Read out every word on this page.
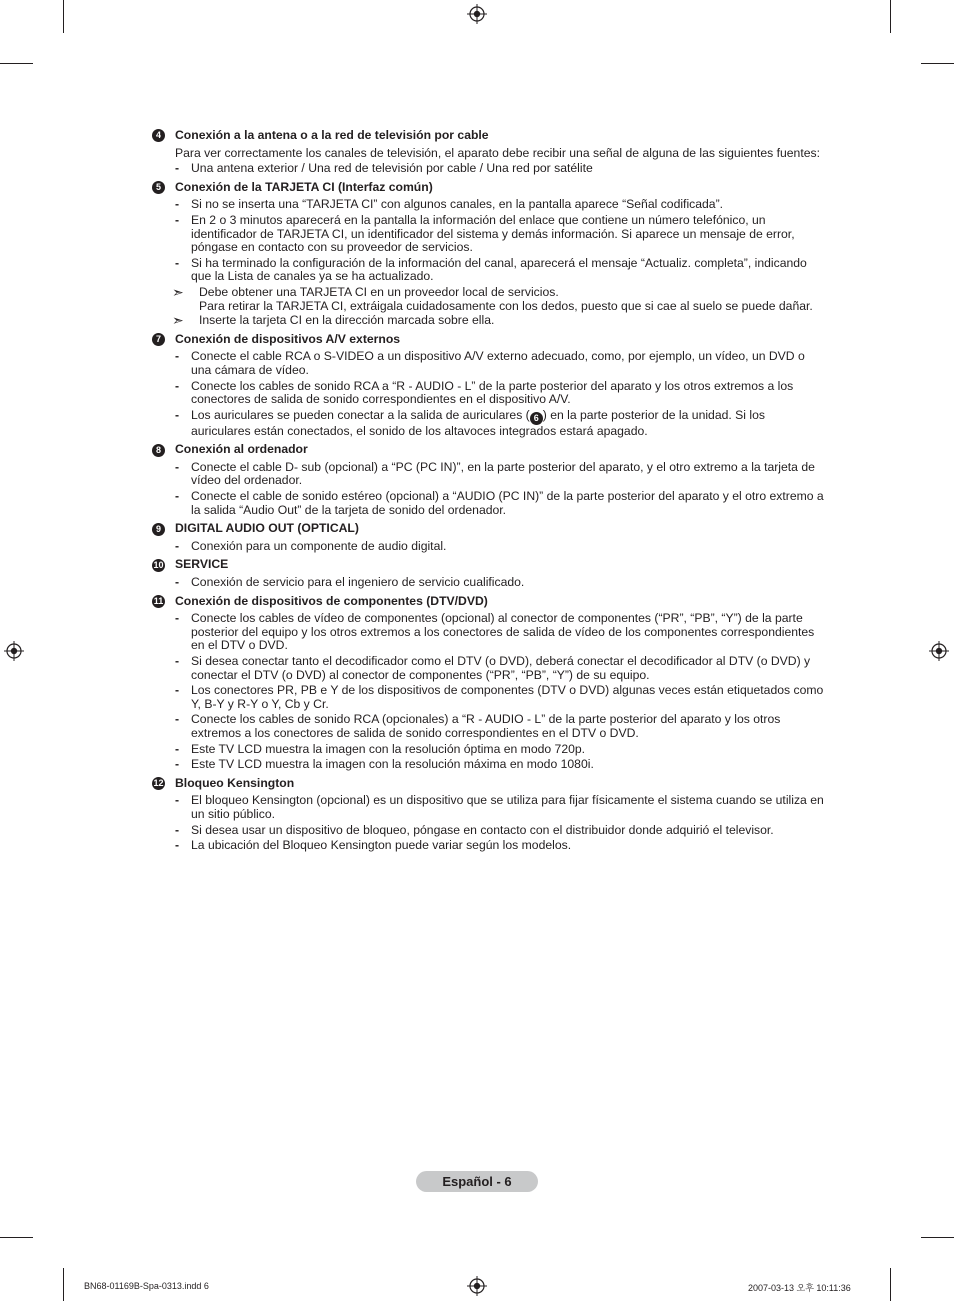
4	Conexión a la antena o a la red de televisión por cable
Para ver correctamente los canales de televisión, el aparato debe recibir una señal de alguna de las siguientes fuentes:
- Una antena exterior / Una red de televisión por cable / Una red por satélite
5	Conexión de la TARJETA CI (Interfaz común)
- Si no se inserta una “TARJETA CI” con algunos canales, en la pantalla aparece “Señal codificada”.
- En 2 o 3 minutos aparecerá en la pantalla la información del enlace que contiene un número telefónico, un identificador de TARJETA CI, un identificador del sistema y demás información. Si aparece un mensaje de error, póngase en contacto con su proveedor de servicios.
- Si ha terminado la configuración de la información del canal, aparecerá el mensaje “Actualiz. completa”, indicando que la Lista de canales ya se ha actualizado.
➣	Debe obtener una TARJETA CI en un proveedor local de servicios.
Para retirar la TARJETA CI, extráigala cuidadosamente con los dedos, puesto que si cae al suelo se puede dañar.
➣	Inserte la tarjeta CI en la dirección marcada sobre ella.
7	Conexión de dispositivos A/V externos
- Conecte el cable RCA o S-VIDEO a un dispositivo A/V externo adecuado, como, por ejemplo, un vídeo, un DVD o una cámara de vídeo.
- Conecte los cables de sonido RCA a “R - AUDIO - L” de la parte posterior del aparato y los otros extremos a los conectores de salida de sonido correspondientes en el dispositivo A/V.
- Los auriculares se pueden conectar a la salida de auriculares ( 6 ) en la parte posterior de la unidad. Si los auriculares están conectados, el sonido de los altavoces integrados estará apagado.
8	Conexión al ordenador
- Conecte el cable D- sub (opcional) a “PC (PC IN)”, en la parte posterior del aparato, y el otro extremo a la tarjeta de vídeo del ordenador.
- Conecte el cable de sonido estéreo (opcional) a “AUDIO (PC IN)” de la parte posterior del aparato y el otro extremo a la salida “Audio Out” de la tarjeta de sonido del ordenador.
9	DIGITAL AUDIO OUT (OPTICAL)
- Conexión para un componente de audio digital.
10 SERVICE
- Conexión de servicio para el ingeniero de servicio cualificado.
11 Conexión de dispositivos de componentes (DTV/DVD)
- Conecte los cables de vídeo de componentes (opcional) al conector de componentes (“PR”, “PB”, “Y”) de la parte posterior del equipo y los otros extremos a los conectores de salida de vídeo de los componentes correspondientes en el DTV o DVD.
- Si desea conectar tanto el decodificador como el DTV (o DVD), deberá conectar el decodificador al DTV (o DVD) y conectar el DTV (o DVD) al conector de componentes (“PR”, “PB”, “Y”) de su equipo.
- Los conectores PR, PB e Y de los dispositivos de componentes (DTV o DVD) algunas veces están etiquetados como Y, B-Y y R-Y o Y, Cb y Cr.
- Conecte los cables de sonido RCA (opcionales) a “R - AUDIO - L” de la parte posterior del aparato y los otros extremos a los conectores de salida de sonido correspondientes en el DTV o DVD.
- Este TV LCD muestra la imagen con la resolución óptima en modo 720p.
- Este TV LCD muestra la imagen con la resolución máxima en modo 1080i.
12 Bloqueo Kensington
- El bloqueo Kensington (opcional) es un dispositivo que se utiliza para fijar físicamente el sistema cuando se utiliza en un sitio público.
- Si desea usar un dispositivo de bloqueo, póngase en contacto con el distribuidor donde adquirió el televisor.
- La ubicación del Bloqueo Kensington puede variar según los modelos.
Español - 6
BN68-01169B-Spa-0313.indd 6	2007-03-13 오후 10:11:36
